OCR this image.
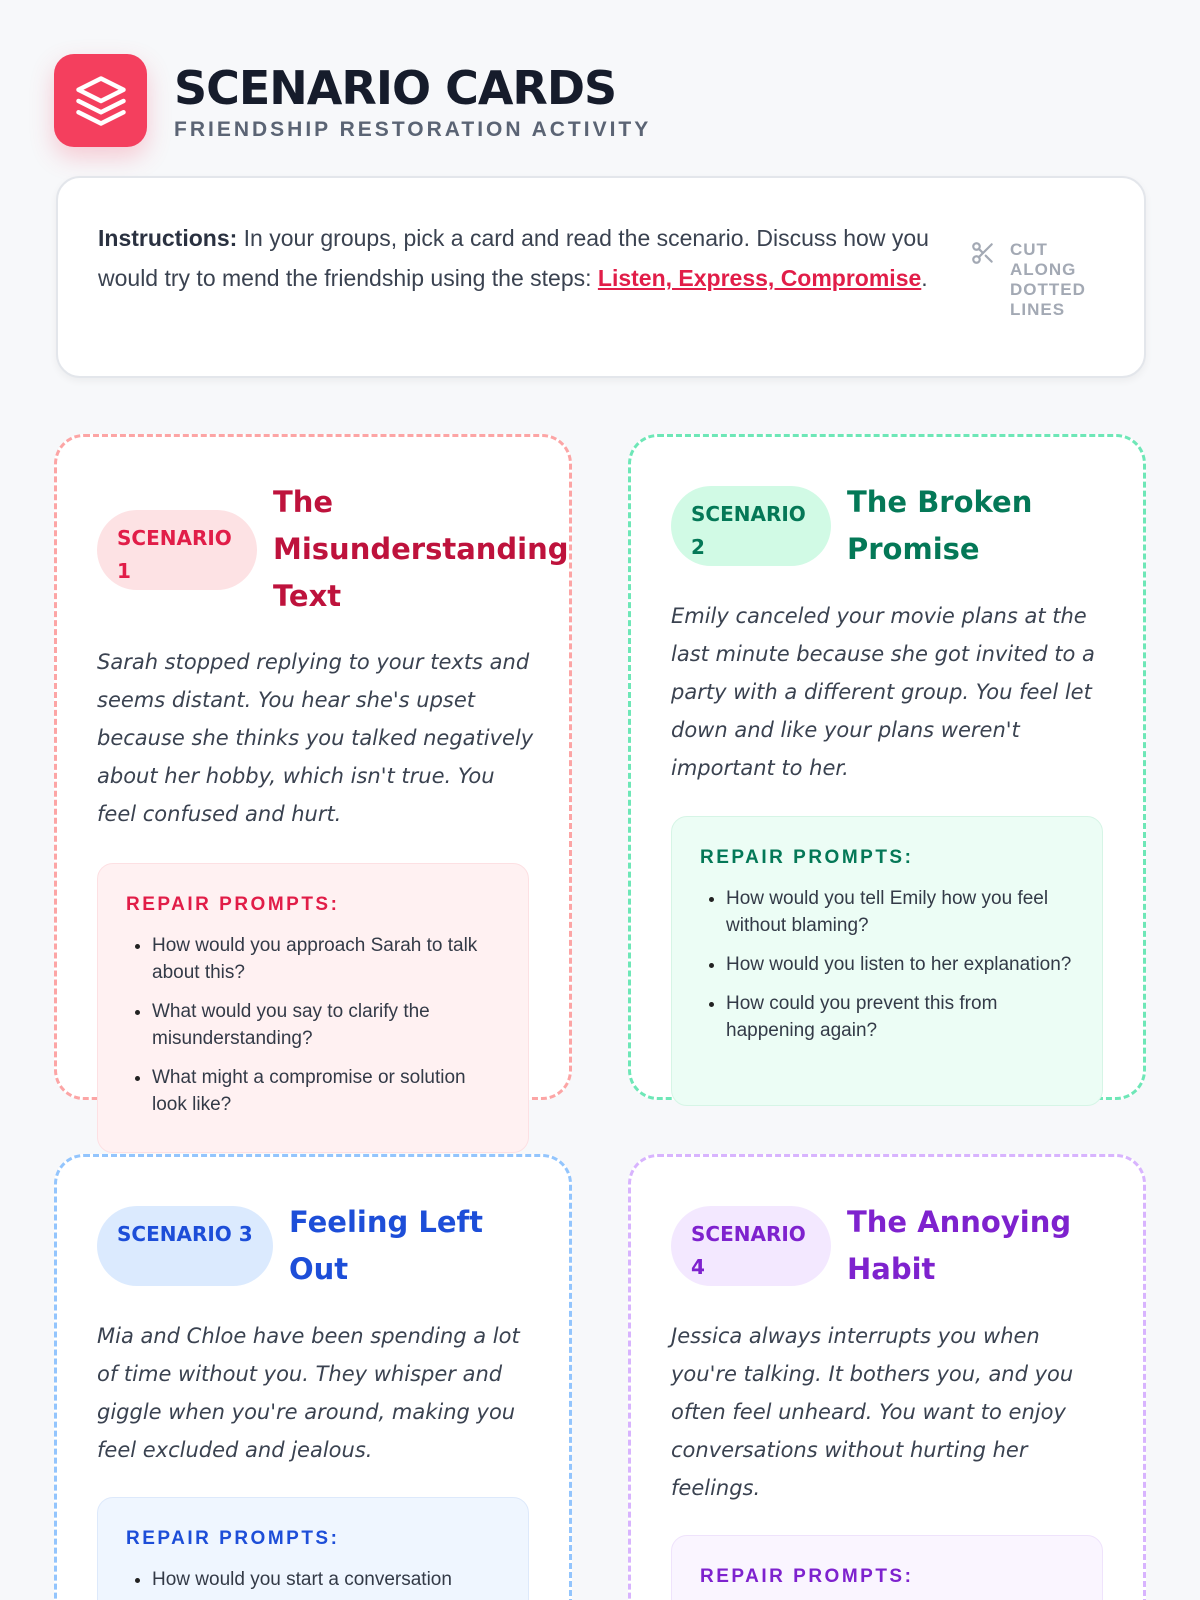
SCENARIO CARDS
FRIENDSHIP RESTORATION ACTIVITY
Instructions: In your groups, pick a card and read the scenario. Discuss how you would try to mend the friendship using the steps: Listen, Express, Compromise.
CUT ALONG DOTTED LINES
SCENARIO 1
The Misunderstanding Text
Sarah stopped replying to your texts and seems distant. You hear she's upset because she thinks you talked negatively about her hobby, which isn't true. You feel confused and hurt.
REPAIR PROMPTS:
• How would you approach Sarah to talk about this?
• What would you say to clarify the misunderstanding?
• What might a compromise or solution look like?
SCENARIO 2
The Broken Promise
Emily canceled your movie plans at the last minute because she got invited to a party with a different group. You feel let down and like your plans weren't important to her.
REPAIR PROMPTS:
• How would you tell Emily how you feel without blaming?
• How would you listen to her explanation?
• How could you prevent this from happening again?
SCENARIO 3	Feeling Left Out
Mia and Chloe have been spending a lot of time without you. They whisper and giggle when you're around, making you feel excluded and jealous.
REPAIR PROMPTS:
• How would you start a conversation
SCENARIO 4
The Annoying Habit
Jessica always interrupts you when you're talking. It bothers you, and you often feel unheard. You want to enjoy conversations without hurting her feelings.
REPAIR PROMPTS:
